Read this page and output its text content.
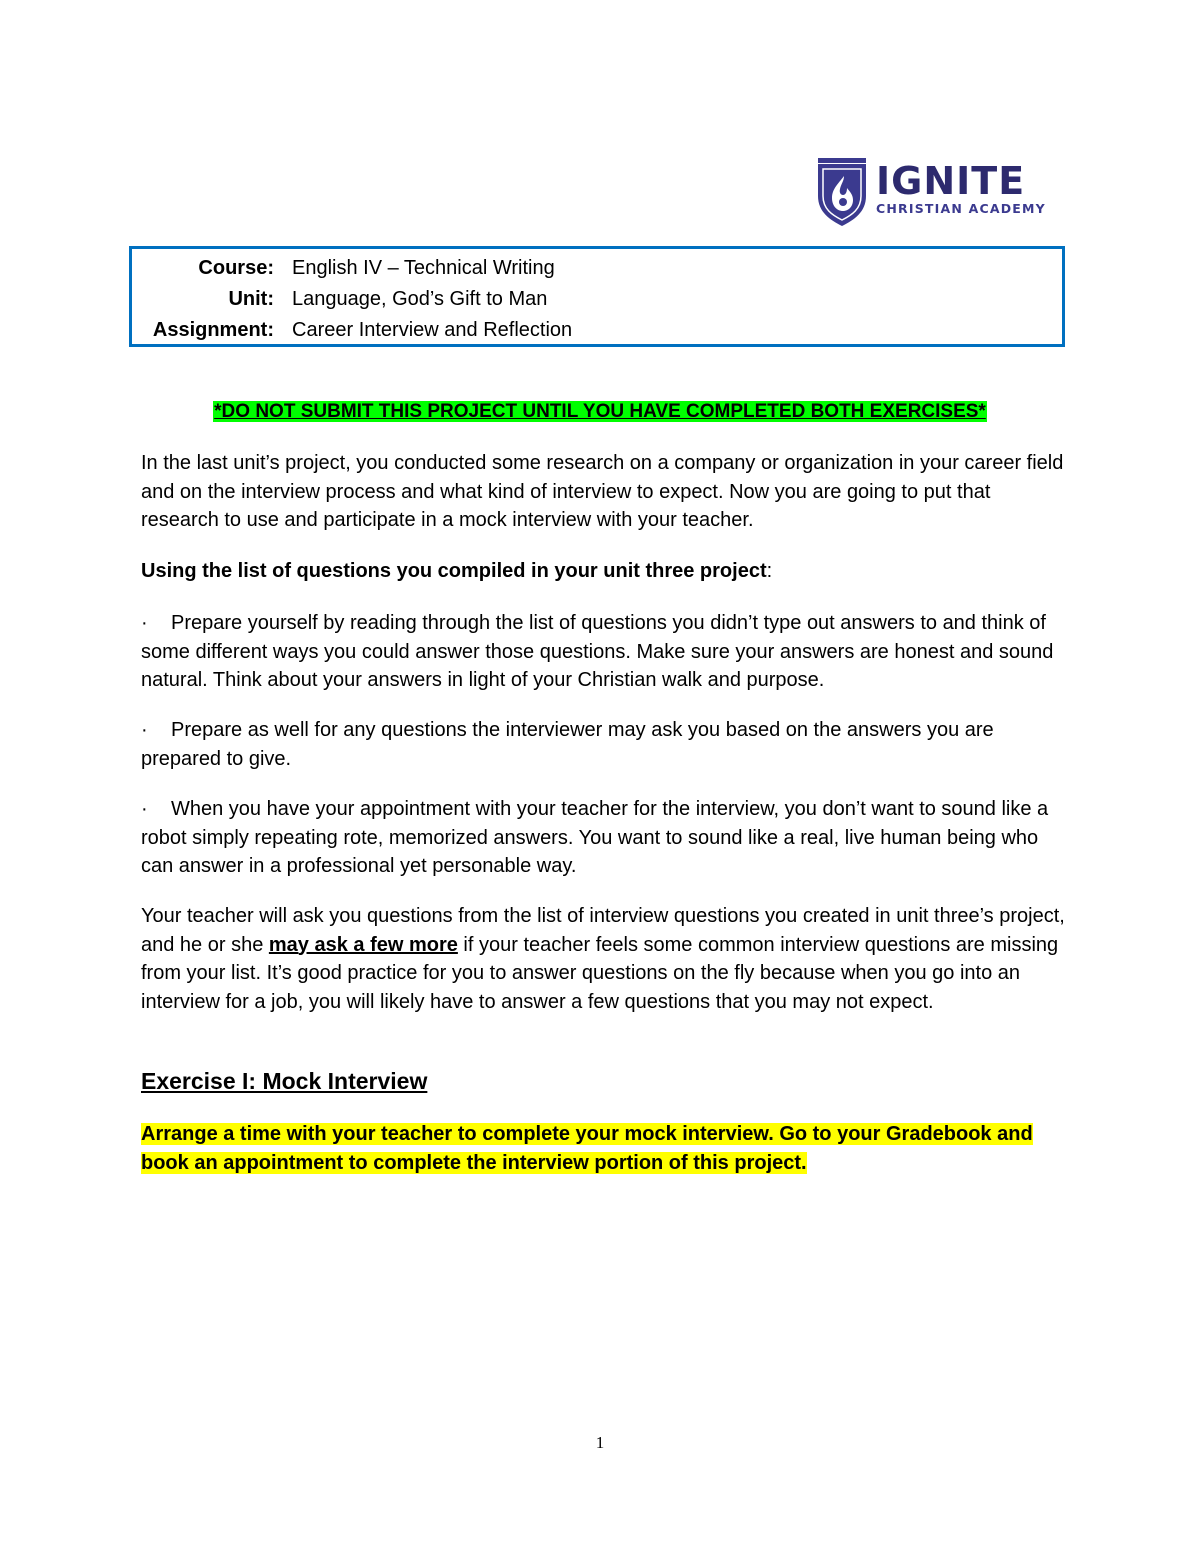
IGNITE
CHRISTIAN ACADEMY
Course: English IV – Technical Writing
Unit: Language, God’s Gift to Man
Assignment: Career Interview and Reflection
*DO NOT SUBMIT THIS PROJECT UNTIL YOU HAVE COMPLETED BOTH EXERCISES*

In the last unit’s project, you conducted some research on a company or organization in your career field and on the interview process and what kind of interview to expect. Now you are going to put that research to use and participate in a mock interview with your teacher.

Using the list of questions you compiled in your unit three project:

· Prepare yourself by reading through the list of questions you didn’t type out answers to and think of some different ways you could answer those questions. Make sure your answers are honest and sound natural. Think about your answers in light of your Christian walk and purpose.

· Prepare as well for any questions the interviewer may ask you based on the answers you are prepared to give.

· When you have your appointment with your teacher for the interview, you don’t want to sound like a robot simply repeating rote, memorized answers. You want to sound like a real, live human being who can answer in a professional yet personable way.

Your teacher will ask you questions from the list of interview questions you created in unit three’s project, and he or she may ask a few more if your teacher feels some common interview questions are missing from your list. It’s good practice for you to answer questions on the fly because when you go into an interview for a job, you will likely have to answer a few questions that you may not expect.

Exercise I: Mock Interview

Arrange a time with your teacher to complete your mock interview. Go to your Gradebook and book an appointment to complete the interview portion of this project.

1
